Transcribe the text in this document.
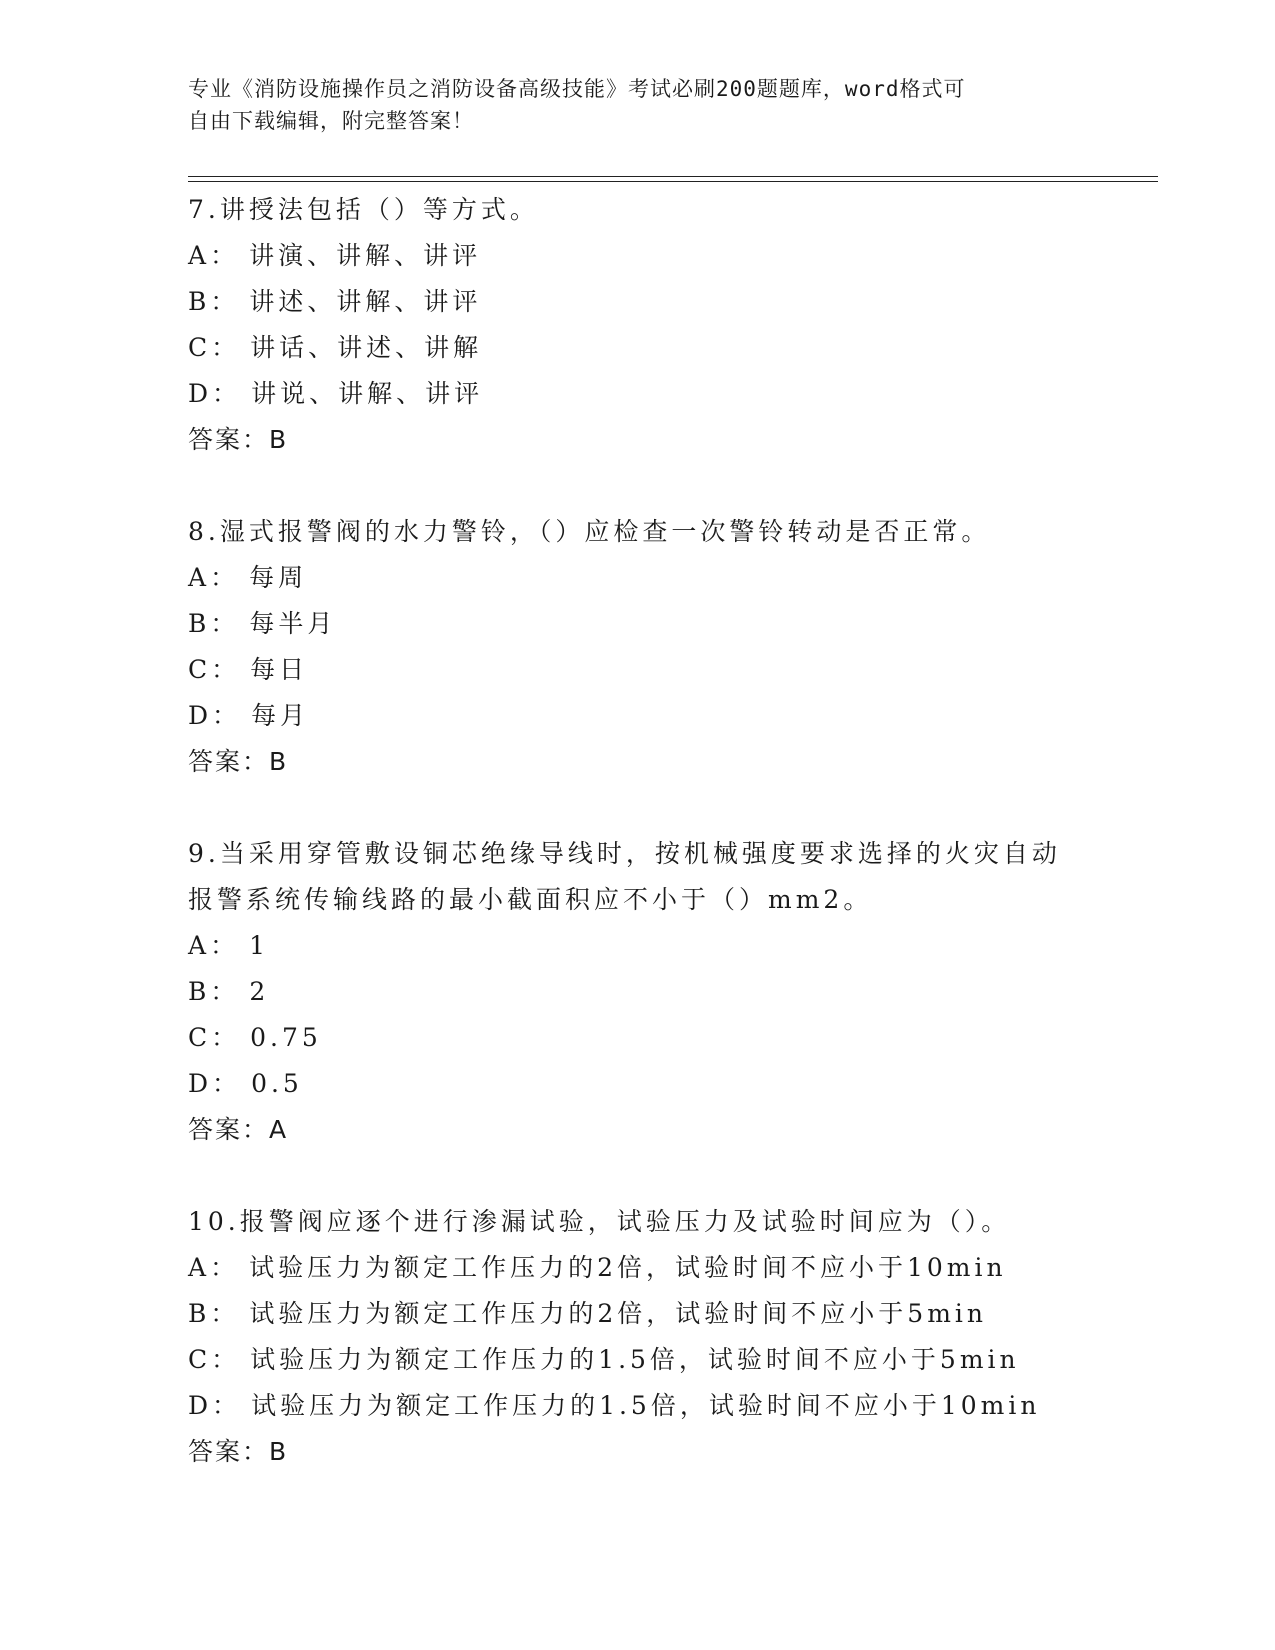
专业《消防设施操作员之消防设备高级技能》考试必刷200题题库，word格式可
自由下载编辑，附完整答案！
7.讲授法包括（）等方式。
A： 讲演、讲解、讲评
B： 讲述、讲解、讲评
C： 讲话、讲述、讲解
D： 讲说、讲解、讲评
答案：B
8.湿式报警阀的水力警铃，（）应检查一次警铃转动是否正常。
A： 每周
B： 每半月
C： 每日
D： 每月
答案：B
9.当采用穿管敷设铜芯绝缘导线时，按机械强度要求选择的火灾自动
报警系统传输线路的最小截面积应不小于（）mm2。
A： 1
B： 2
C： 0.75
D： 0.5
答案：A
10.报警阀应逐个进行渗漏试验，试验压力及试验时间应为（）。
A： 试验压力为额定工作压力的2倍，试验时间不应小于10min
B： 试验压力为额定工作压力的2倍，试验时间不应小于5min
C： 试验压力为额定工作压力的1.5倍，试验时间不应小于5min
D： 试验压力为额定工作压力的1.5倍，试验时间不应小于10min
答案：B
